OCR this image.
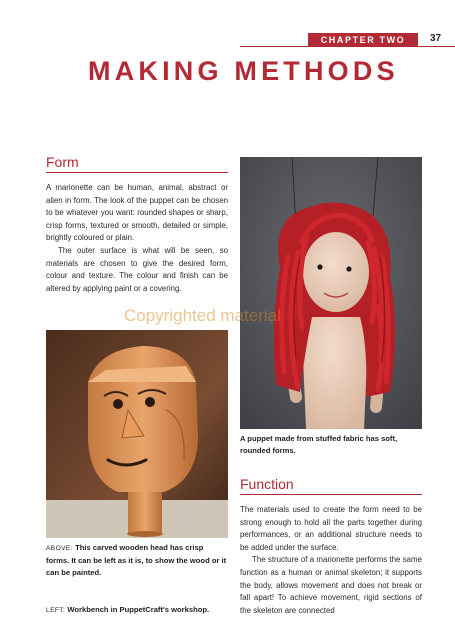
CHAPTER TWO 37
MAKING METHODS
Form

A marionette can be human, animal, abstract or alien in form. The look of the puppet can be chosen to be whatever you want: rounded shapes or sharp, crisp forms, textured or smooth, detailed or simple, brightly coloured or plain.

The outer surface is what will be seen, so materials are chosen to give the desired form, colour and texture. The colour and finish can be altered by applying paint or a covering.

A puppet made from stuffed fabric has soft, rounded forms.
Function

The materials used to create the form need to be strong enough to hold all the parts together during performances, or an additional structure needs to be added under the surface.

The structure of a marionette performs the same function as a human or animal skeleton; it supports the body, allows movement and does not break or fall apart! To achieve movement, rigid sections of the skeleton are connected

ABOVE: This carved wooden head has crisp forms. It can be left as it is, to show the wood or it can be painted.
LEFT: Workbench in PuppetCraft's workshop.
Copyrighted material
